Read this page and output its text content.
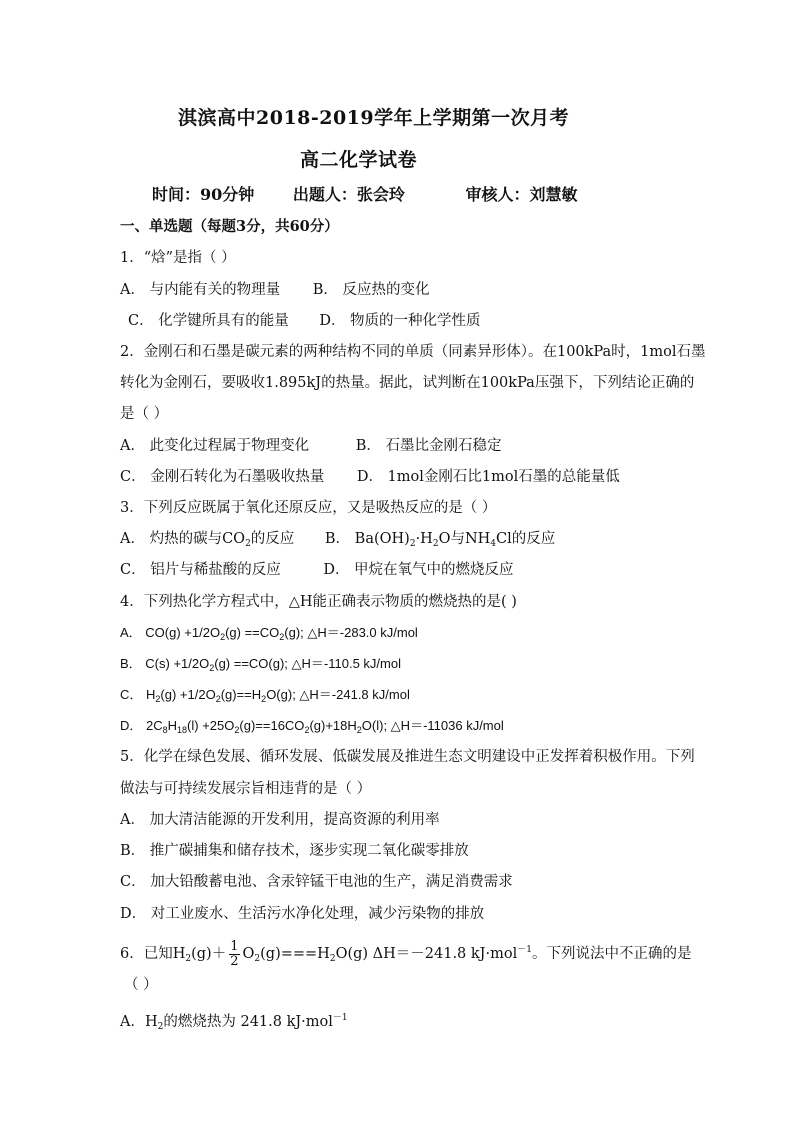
淇滨高中2018-2019学年上学期第一次月考
高二化学试卷
时间：90分钟 出题人：张会玲	审核人：刘慧敏
一、单选题（每题3分，共60分）
1．“焓”是指（ ）
A． 与内能有关的物理量 B． 反应热的变化
C． 化学键所具有的能量 D． 物质的一种化学性质
2．金刚石和石墨是碳元素的两种结构不同的单质（同素异形体）。在100kPa时，1mol石墨
转化为金刚石，要吸收1.895kJ的热量。据此，试判断在100kPa压强下，下列结论正确的
是（ ）
A． 此变化过程属于物理变化	B． 石墨比金刚石稳定
C． 金刚石转化为石墨吸收热量 D． 1mol金刚石比1mol石墨的总能量低
3．下列反应既属于氧化还原反应，又是吸热反应的是（ ）
A． 灼热的碳与$CO_2$的反应 B． $Ba(OH)_2\cdot H_2O$与$NH_4Cl$的反应
C． 铝片与稀盐酸的反应	D． 甲烷在氧气中的燃烧反应
4．下列热化学方程式中，△H能正确表示物质的燃烧热的是( )
A． $CO(g) +1/2O_2(g) ==CO_2(g)$; △H＝-283.0 kJ/mol
B． $C(s) +1/2O_2(g) ==CO(g)$; △H＝-110.5 kJ/mol
C． $H_2(g) +1/2O_2(g)==H_2O(g)$; △H＝-241.8 kJ/mol
D． $2C_8H_{18}(l) +25O_2(g)==16CO_2(g)+18H_2O(l)$; △H＝-11036 kJ/mol
5．化学在绿色发展、循环发展、低碳发展及推进生态文明建设中正发挥着积极作用。下列
做法与可持续发展宗旨相违背的是（ ）
A． 加大清洁能源的开发利用，提高资源的利用率
B． 推广碳捕集和储存技术，逐步实现二氧化碳零排放
C． 加大铅酸蓄电池、含汞锌锰干电池的生产，满足消费需求
D． 对工业废水、生活污水净化处理，减少污染物的排放
6．已知$H_2(g)+ \frac{1}{2} O_2(g)===H_2O(g)$ ΔH＝－241.8 kJ·mol$^{-1}$。下列说法中不正确的是
（ ）
A．$H_2$的燃烧热为 241.8 kJ·mol$^{-1}$
